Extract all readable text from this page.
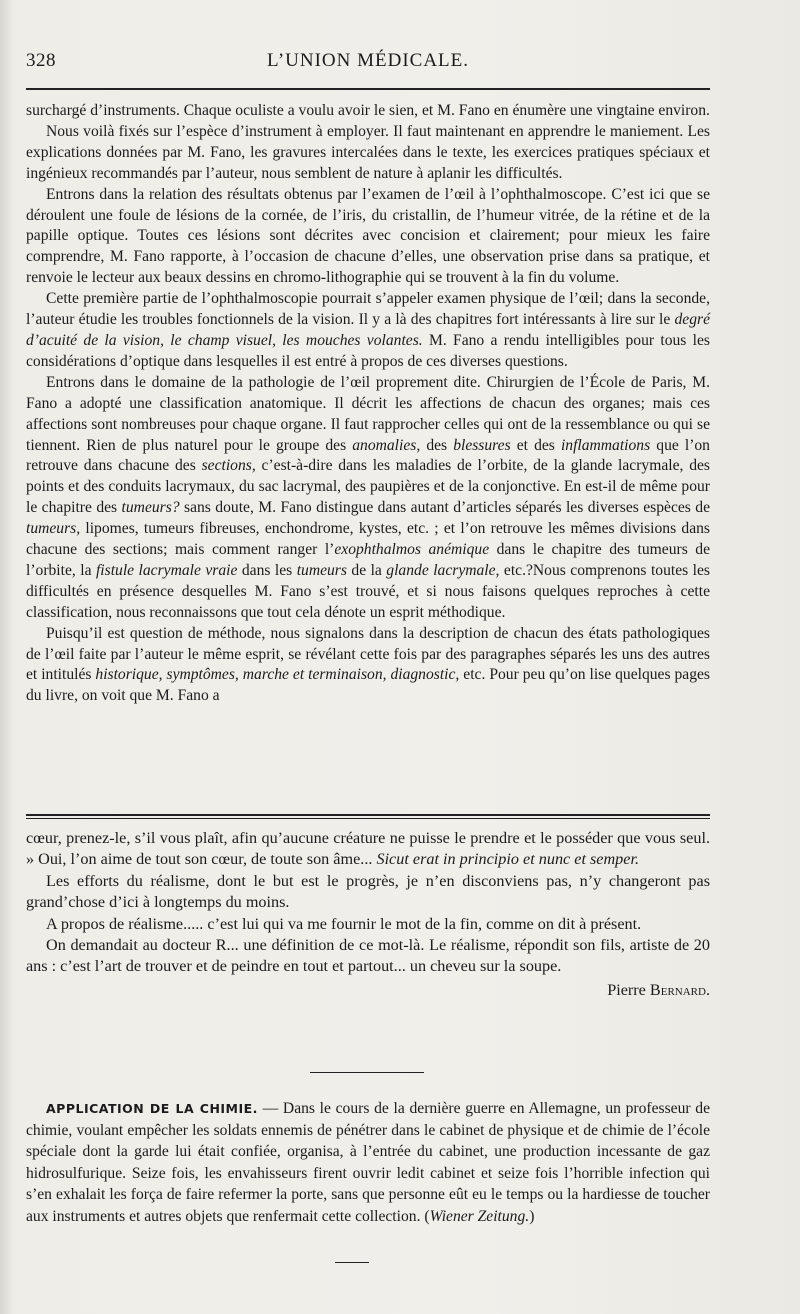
328	L’UNION MÉDICALE.

surchargé d’instruments. Chaque oculiste a voulu avoir le sien, et M. Fano en énumère une vingtaine environ.

Nous voilà fixés sur l’espèce d’instrument à employer. Il faut maintenant en apprendre le maniement. Les explications données par M. Fano, les gravures intercalées dans le texte, les exercices pratiques spéciaux et ingénieux recommandés par l’auteur, nous semblent de nature à aplanir les difficultés.

Entrons dans la relation des résultats obtenus par l’examen de l’œil à l’ophthalmoscope. C’est ici que se déroulent une foule de lésions de la cornée, de l’iris, du cristallin, de l’humeur vitrée, de la rétine et de la papille optique. Toutes ces lésions sont décrites avec concision et clairement; pour mieux les faire comprendre, M. Fano rapporte, à l’occasion de chacune d’elles, une observation prise dans sa pratique, et renvoie le lecteur aux beaux dessins en chromo-lithographie qui se trouvent à la fin du volume.

Cette première partie de l’ophthalmoscopie pourrait s’appeler examen physique de l’œil; dans la seconde, l’auteur étudie les troubles fonctionnels de la vision. Il y a là des chapitres fort intéressants à lire sur le degré d’acuité de la vision, le champ visuel, les mouches volantes. M. Fano a rendu intelligibles pour tous les considérations d’optique dans lesquelles il est entré à propos de ces diverses questions.

Entrons dans le domaine de la pathologie de l’œil proprement dite. Chirurgien de l’École de Paris, M. Fano a adopté une classification anatomique. Il décrit les affections de chacun des organes; mais ces affections sont nombreuses pour chaque organe. Il faut rapprocher celles qui ont de la ressemblance ou qui se tiennent. Rien de plus naturel pour le groupe des anomalies, des blessures et des inflammations que l’on retrouve dans chacune des sections, c’est-à-dire dans les maladies de l’orbite, de la glande lacrymale, des points et des conduits lacrymaux, du sac lacrymal, des paupières et de la conjonctive. En est-il de même pour le chapitre des tumeurs? sans doute, M. Fano distingue dans autant d’articles séparés les diverses espèces de tumeurs, lipomes, tumeurs fibreuses, enchondrome, kystes, etc. ; et l’on retrouve les mêmes divisions dans chacune des sections; mais comment ranger l’exophthalmos anémique dans le chapitre des tumeurs de l’orbite, la fistule lacrymale vraie dans les tumeurs de la glande lacrymale, etc.?Nous comprenons toutes les difficultés en présence desquelles M. Fano s’est trouvé, et si nous faisons quelques reproches à cette classification, nous reconnaissons que tout cela dénote un esprit méthodique.

Puisqu’il est question de méthode, nous signalons dans la description de chacun des états pathologiques de l’œil faite par l’auteur le même esprit, se révélant cette fois par des paragraphes séparés les uns des autres et intitulés historique, symptômes, marche et terminaison, diagnostic, etc. Pour peu qu’on lise quelques pages du livre, on voit que M. Fano a

cœur, prenez-le, s’il vous plaît, afin qu’aucune créature ne puisse le prendre et le posséder que vous seul. » Oui, l’on aime de tout son cœur, de toute son âme... Sicut erat in principio et nunc et semper.

Les efforts du réalisme, dont le but est le progrès, je n’en disconviens pas, n’y changeront pas grand’chose d’ici à longtemps du moins.

A propos de réalisme..... c’est lui qui va me fournir le mot de la fin, comme on dit à présent.

On demandait au docteur R... une définition de ce mot-là. Le réalisme, répondit son fils, artiste de 20 ans : c’est l’art de trouver et de peindre en tout et partout... un cheveu sur la soupe.

Pierre Bernard.

APPLICATION DE LA CHIMIE. — Dans le cours de la dernière guerre en Allemagne, un professeur de chimie, voulant empêcher les soldats ennemis de pénétrer dans le cabinet de physique et de chimie de l’école spéciale dont la garde lui était confiée, organisa, à l’entrée du cabinet, une production incessante de gaz hidrosulfurique. Seize fois, les envahisseurs firent ouvrir ledit cabinet et seize fois l’horrible infection qui s’en exhalait les força de faire refermer la porte, sans que personne eût eu le temps ou la hardiesse de toucher aux instruments et autres objets que renfermait cette collection. (Wiener Zeitung.)
